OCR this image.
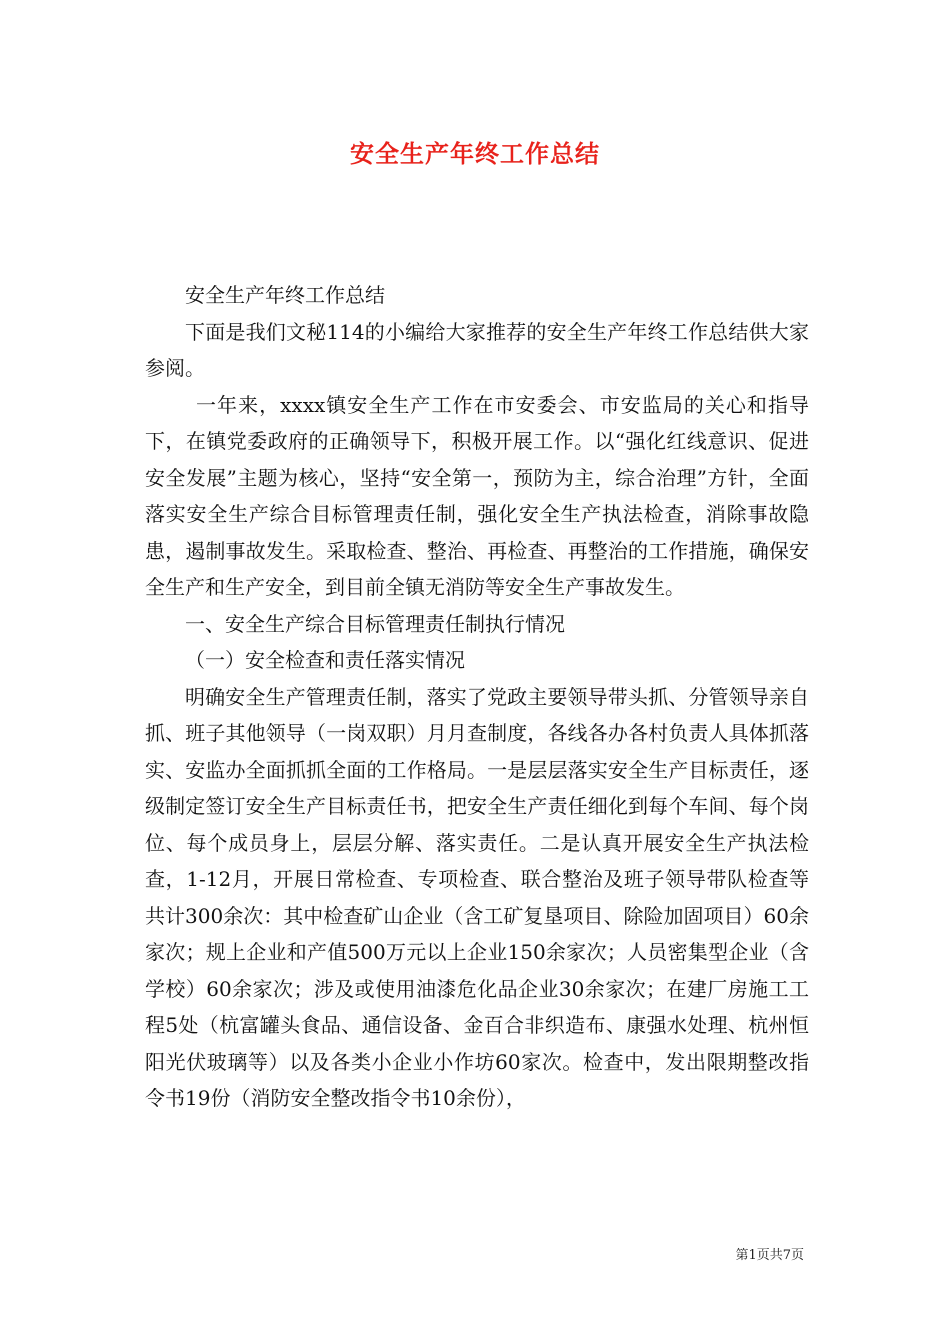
安全生产年终工作总结

安全生产年终工作总结

下面是我们文秘114的小编给大家推荐的安全生产年终工作总结供大家参阅。

一年来，xxxx镇安全生产工作在市安委会、市安监局的关心和指导下，在镇党委政府的正确领导下，积极开展工作。以“强化红线意识、促进安全发展”主题为核心，坚持“安全第一，预防为主，综合治理”方针，全面落实安全生产综合目标管理责任制，强化安全生产执法检查，消除事故隐患，遏制事故发生。采取检查、整治、再检查、再整治的工作措施，确保安全生产和生产安全，到目前全镇无消防等安全生产事故发生。

一、安全生产综合目标管理责任制执行情况

（一）安全检查和责任落实情况

明确安全生产管理责任制，落实了党政主要领导带头抓、分管领导亲自抓、班子其他领导（一岗双职）月月查制度，各线各办各村负责人具体抓落实、安监办全面抓抓全面的工作格局。一是层层落实安全生产目标责任，逐级制定签订安全生产目标责任书，把安全生产责任细化到每个车间、每个岗位、每个成员身上，层层分解、落实责任。二是认真开展安全生产执法检查，1-12月，开展日常检查、专项检查、联合整治及班子领导带队检查等共计300余次：其中检查矿山企业（含工矿复垦项目、除险加固项目）60余家次；规上企业和产值500万元以上企业150余家次；人员密集型企业（含学校）60余家次；涉及或使用油漆危化品企业30余家次；在建厂房施工工程5处（杭富罐头食品、通信设备、金百合非织造布、康强水处理、杭州恒阳光伏玻璃等）以及各类小企业小作坊60家次。检查中，发出限期整改指令书19份（消防安全整改指令书10余份），

第1页共7页
